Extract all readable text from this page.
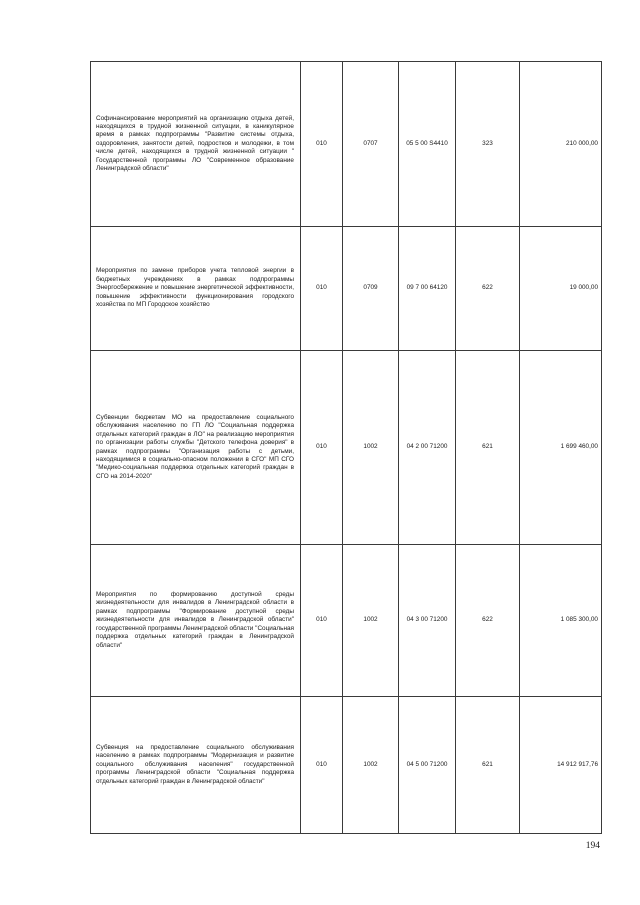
Софинансирование мероприятий на организацию отдыха детей, находящихся в трудной жизненной ситуации, в каникулярное время в рамках подпрограммы "Развитие системы отдыха, оздоровления, занятости детей, подростков и молодежи, в том числе детей, находящихся в трудной жизненной ситуации " Государственной программы ЛО "Современное образование Ленинградской области"	010	0707	05 5 00 S4410	323	210 000,00
Мероприятия по замене приборов учета тепловой энергии в бюджетных учреждениях в рамках подпрограммы Энергосбережение и повышение энергетической эффективности, повышение эффективности функционирования городского хозяйства по МП Городское хозяйство	010	0709	09 7 00 64120	622	19 000,00
Субвенции бюджетам МО на предоставление социального обслуживания населению по ГП ЛО "Социальная поддержка отдельных категорий граждан в ЛО" на реализацию мероприятия по организации работы службы "Детского телефона доверия" в рамках подпрограммы "Организация работы с детьми, находящимися в социально-опасном положении в СГО" МП СГО "Медико-социальная поддержка отдельных категорий граждан в СГО на 2014-2020"	010	1002	04 2 00 71200	621	1 699 460,00
Мероприятия по формированию доступной среды жизнедеятельности для инвалидов в Ленинградской области в рамках подпрограммы "Формирование доступной среды жизнедеятельности для инвалидов в Ленинградской области" государственной программы Ленинградской области "Социальная поддержка отдельных категорий граждан в Ленинградской области"	010	1002	04 3 00 71200	622	1 085 300,00
Субвенция на предоставление социального обслуживания населению в рамках подпрограммы "Модернизация и развитие социального обслуживания населения" государственной программы Ленинградской области "Социальная поддержка отдельных категорий граждан в Ленинградской области"	010	1002	04 5 00 71200	621	14 912 917,76
194
